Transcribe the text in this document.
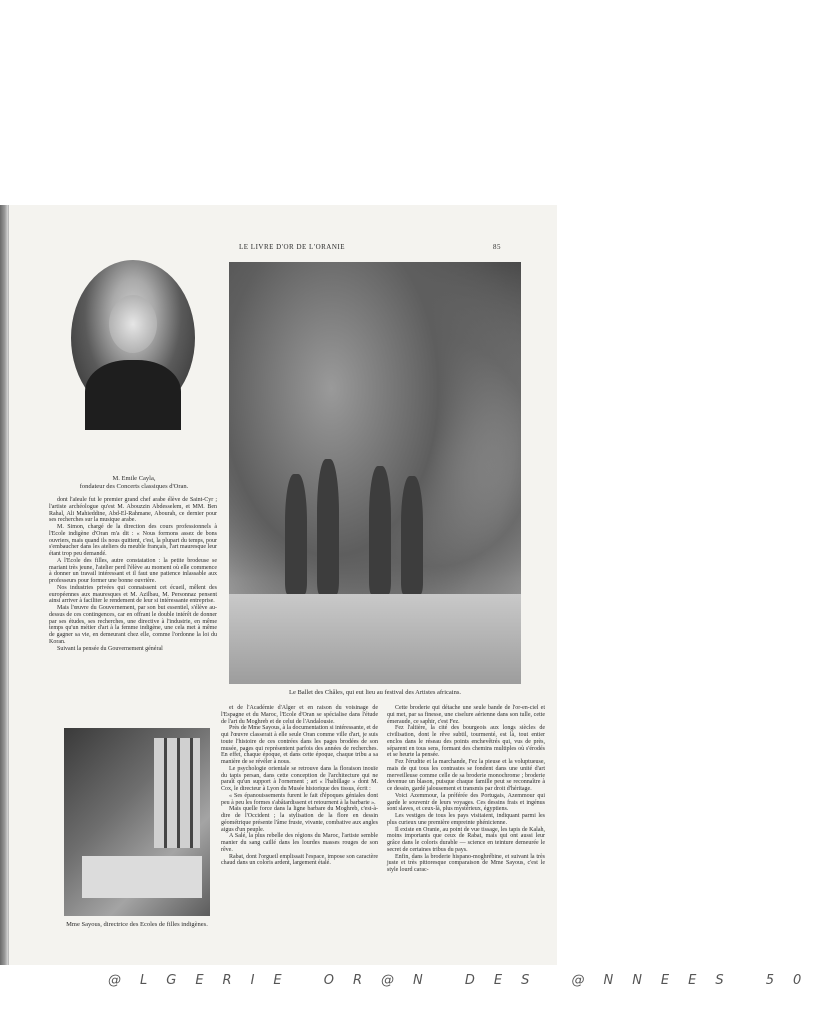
LE LIVRE D'OR DE L'ORANIE	85
M. Emile Cayla,
fondateur des Concerts classiques d'Oran.

dont l'aïeule fut le premier grand chef arabe élève de Saint-Cyr ; l'artiste archéologue qu'est M. Abouzzin Abdesselem, et MM. Ben Rahal, Ali Mahieddine, Abd-El-Rahmane, Abourah, ce dernier pour ses recherches sur la musique arabe.

M. Simon, chargé de la direction des cours professionnels à l'Ecole indigène d'Oran m'a dit : « Nous formons assez de bons ouvriers, mais quand ils nous quittent, c'est, la plupart du temps, pour s'embaucher dans les ateliers du meuble français, l'art mauresque leur étant trop peu demandé.

A l'Ecole des filles, autre constatation : la petite brodeuse se mariant très jeune, l'atelier perd l'élève au moment où elle commence à donner un travail intéressant et il faut une patience inlassable aux professeurs pour former une bonne ouvrière.

Nos industries privées qui connaissent cet écueil, mêlent des européennes aux mauresques et M. Azilbau, M. Personnaz pensent ainsi arriver à faciliter le rendement de leur si intéressante entreprise.

Mais l'œuvre du Gouvernement, par son but essentiel, s'élève au-dessus de ces contingences, car en offrant le double intérêt de donner par ses études, ses recherches, une directive à l'industrie, en même temps qu'un métier d'art à la femme indigène, une cela met à même de gagner sa vie, en demeurant chez elle, comme l'ordonne la loi du Koran.

Suivant la pensée du Gouvernement général

Mme Sayous, directrice des Ecoles de filles indigènes.
Le Ballet des Châles, qui eut lieu au festival des Artistes africains.

et de l'Académie d'Alger et en raison du voisinage de l'Espagne et du Maroc, l'Ecole d'Oran se spécialise dans l'étude de l'art du Moghreb et de celui de l'Andalousie.

Près de Mme Sayous, à la documentation si intéressante, et de qui l'œuvre classerait à elle seule Oran comme ville d'art, je suis toute l'histoire de ces contrées dans les pages brodées de son musée, pages qui représentent parfois des années de recherches. En effet, chaque époque, et dans cette époque, chaque tribu a sa manière de se révéler à nous.

Le psychologie orientale se retrouve dans la floraison inouïe du tapis persan, dans cette conception de l'architecture qui ne paraît qu'un support à l'ornement ; art « l'habillage » dont M. Cox, le directeur à Lyon du Musée historique des tissus, écrit :

« Ses épanouissements furent le fait d'époques géniales dont peu à peu les formes s'abâtardissent et retournent à la barbarie ».

Mais quelle force dans la ligne barbare du Moghreb, c'est-à-dire de l'Occident ; la stylisation de la flore en dessin géométrique présente l'âme fruste, vivante, combative aux angles aigus d'un peuple.

A Salé, la plus rebelle des régions du Maroc, l'artiste semble manier du sang caillé dans les lourdes masses rouges de son rêve.

Rabat, dont l'orgueil emplissait l'espace, impose son caractère chaud dans un coloris ardent, largement étalé.

Cette broderie qui détache une seule bande de l'or-en-ciel et qui met, par sa finesse, une ciselure aérienne dans son tulle, cette émeraude, ce saphir, c'est Fez.

Fez l'altière, la cité des bourgeois aux longs siècles de civilisation, dont le rêve subtil, tourmenté, est là, tout entier enclos dans le réseau des points enchevêtrés qui, vus de près, séparent en tous sens, formant des chemins multiples où s'érodés et se heurte la pensée.

Fez l'érudite et la marchande, Fez la pieuse et la voluptueuse, mais de qui tous les contrastes se fondent dans une unité d'art merveilleuse comme celle de sa broderie monochrome ; broderie devenue un blason, puisque chaque famille peut se reconnaître à ce dessin, gardé jalousement et transmis par droit d'héritage.

Voici Azemmour, la préférée des Portugais, Azemmour qui garde le souvenir de leurs voyages. Ces dessins frais et ingénus sont slaves, et ceux-là, plus mystérieux, égyptiens.

Les vestiges de tous les pays visitaient, indiquant parmi les plus curieux une première empreinte phénicienne.

Il existe en Oranie, au point de vue tissage, les tapis de Kalah, moins importants que ceux de Rabat, mais qui ont aussi leur grâce dans le coloris durable — science en teinture demeurée le secret de certaines tribus du pays.

Enfin, dans la broderie hispano-moghrébine, et suivant la très juste et très pittoresque comparaison de Mme Sayous, c'est le style lourd carac-

@LGERIE OR@N DES @NNEES 50
